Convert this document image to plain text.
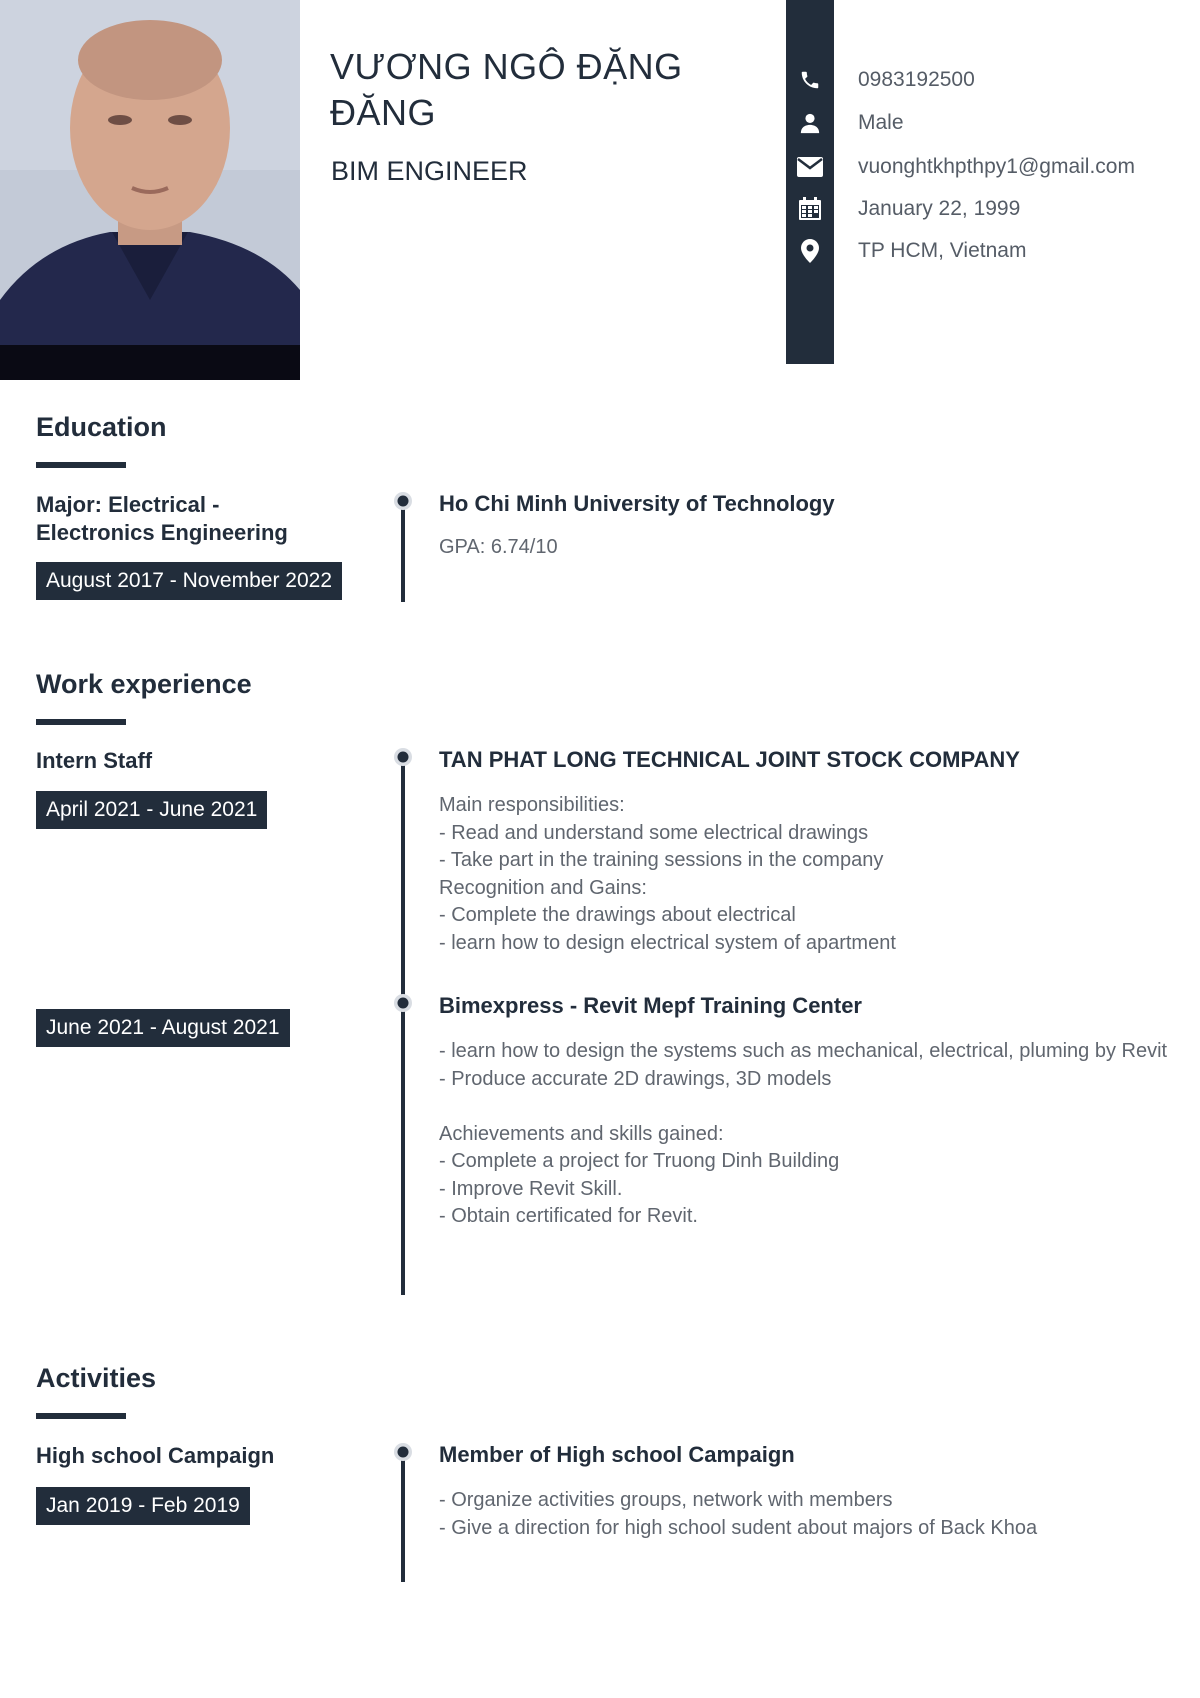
VƯƠNG NGÔ ĐẶNG ĐĂNG
BIM ENGINEER
0983192500
Male
vuonghtkhpthpy1@gmail.com
January 22, 1999
TP HCM, Vietnam
Education
Major: Electrical - Electronics Engineering
August 2017 - November 2022
Ho Chi Minh University of Technology
GPA: 6.74/10
Work experience
Intern Staff
April 2021 - June 2021
TAN PHAT LONG TECHNICAL JOINT STOCK COMPANY
Main responsibilities:
- Read and understand some electrical drawings
- Take part in the training sessions in the company
Recognition and Gains:
- Complete the drawings about electrical
- learn how to design electrical system of apartment
June 2021 - August 2021
Bimexpress - Revit Mepf Training Center
- learn how to design the systems such as mechanical, electrical, pluming by Revit
- Produce accurate 2D drawings, 3D models
Achievements and skills gained:
- Complete a project for Truong Dinh Building
- Improve Revit Skill.
- Obtain certificated for Revit.
Activities
High school Campaign
Jan 2019 - Feb 2019
Member of High school Campaign
- Organize activities groups, network with members
- Give a direction for high school sudent about majors of Back Khoa
